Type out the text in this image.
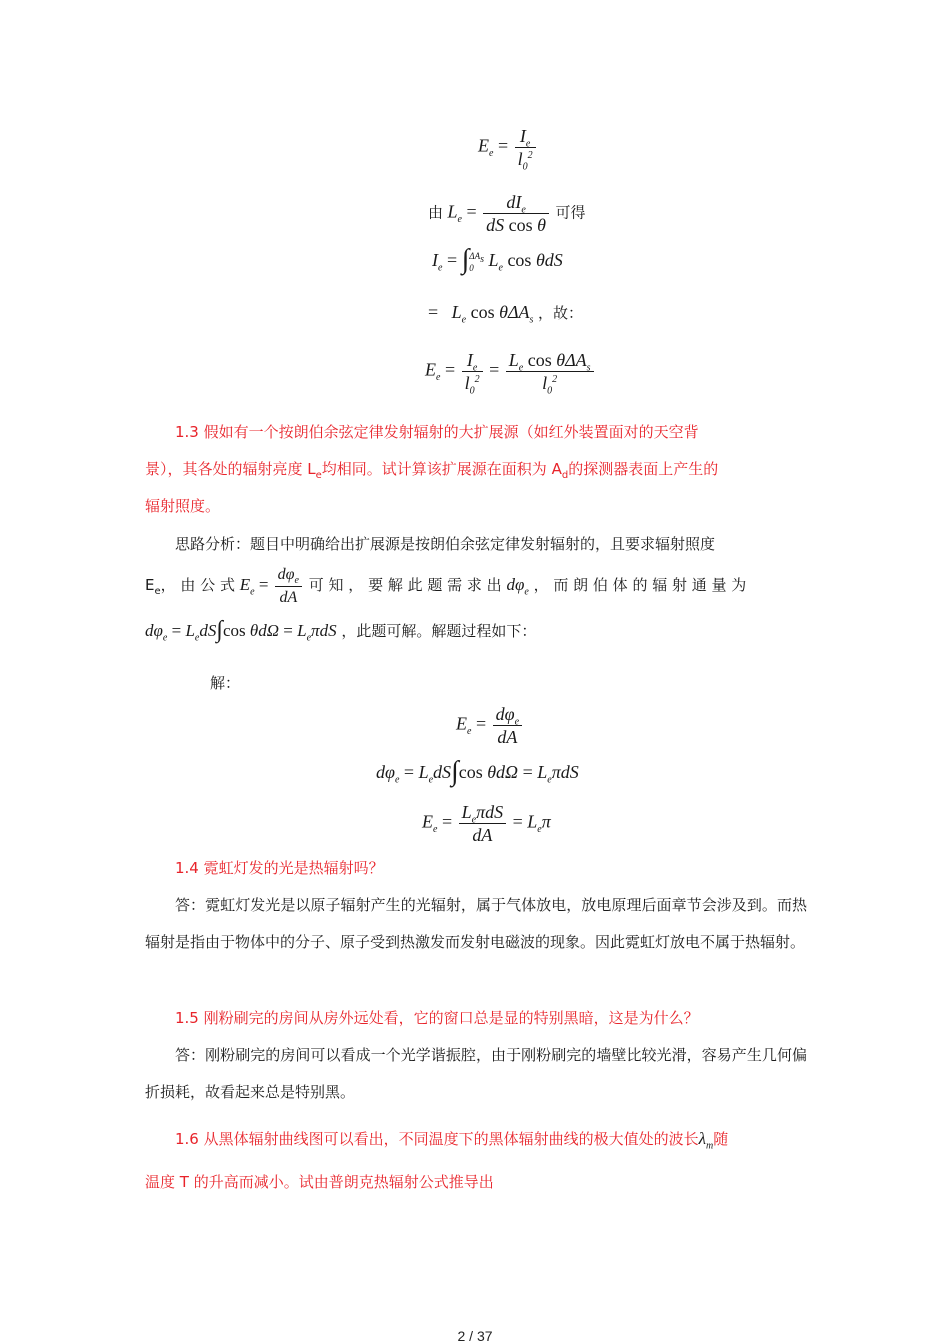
$E_e = \frac{I_e}{l_0^2}$
由 $L_e = \frac{dI_e}{\text{dS cos θ}}$ 可得
$I_e$ = ∫ $\Delta A_s$
0 $L_e$ cos θdS
= $L_e$ cos θΔA$_s$ ，故：
$E_e = \frac{I_e}{l_0^2} = \frac{L_e \cos \theta\Delta A_s}{l_0^2}$
1.3 假如有一个按朗伯余弦定律发射辐射的大扩展源（如红外装置面对的天空背
景），其各处的辐射亮度 $L_e$均相同。试计算该扩展源在面积为 $A_d$的探测器表面上产生的
辐射照度。
思路分析：题目中明确给出扩展源是按朗伯余弦定律发射辐射的，且要求辐射照度
$E_e$， 由 公 式 $E_e = \frac{d\varphi_e}{dA}$ 可 知 ， 要 解 此 题 需 求 出 $d\varphi_e$ ， 而 朗 伯 体 的 辐 射 通 量 为
$d\varphi_e = L_edS\int\cos$ $\theta d\Omega = L_e\pi dS$ ，此题可解。解题过程如下：
解：
$E_e = \frac{d\varphi_e}{dA}$
$d\varphi_e = L_edS\int\cos$ $\theta d\Omega = L_e\pi dS$
$E_e = \frac{L_e\pi dS}{dA} = L_e\pi$
1.4 霓虹灯发的光是热辐射吗？
答：霓虹灯发光是以原子辐射产生的光辐射，属于气体放电，放电原理后面章节会涉及到。而热辐射是指由于物体中的分子、原子受到热激发而发射电磁波的现象。因此霓虹灯放电不属于热辐射。
1.5 刚粉刷完的房间从房外远处看，它的窗口总是显的特别黑暗，这是为什么？
答：刚粉刷完的房间可以看成一个光学谐振腔，由于刚粉刷完的墙壁比较光滑，容易产生几何偏折损耗，故看起来总是特别黑。
1.6 从黑体辐射曲线图可以看出，不同温度下的黑体辐射曲线的极大值处的波长$\lambda_m$随
温度 T 的升高而减小。试由普朗克热辐射公式推导出
2 / 37
